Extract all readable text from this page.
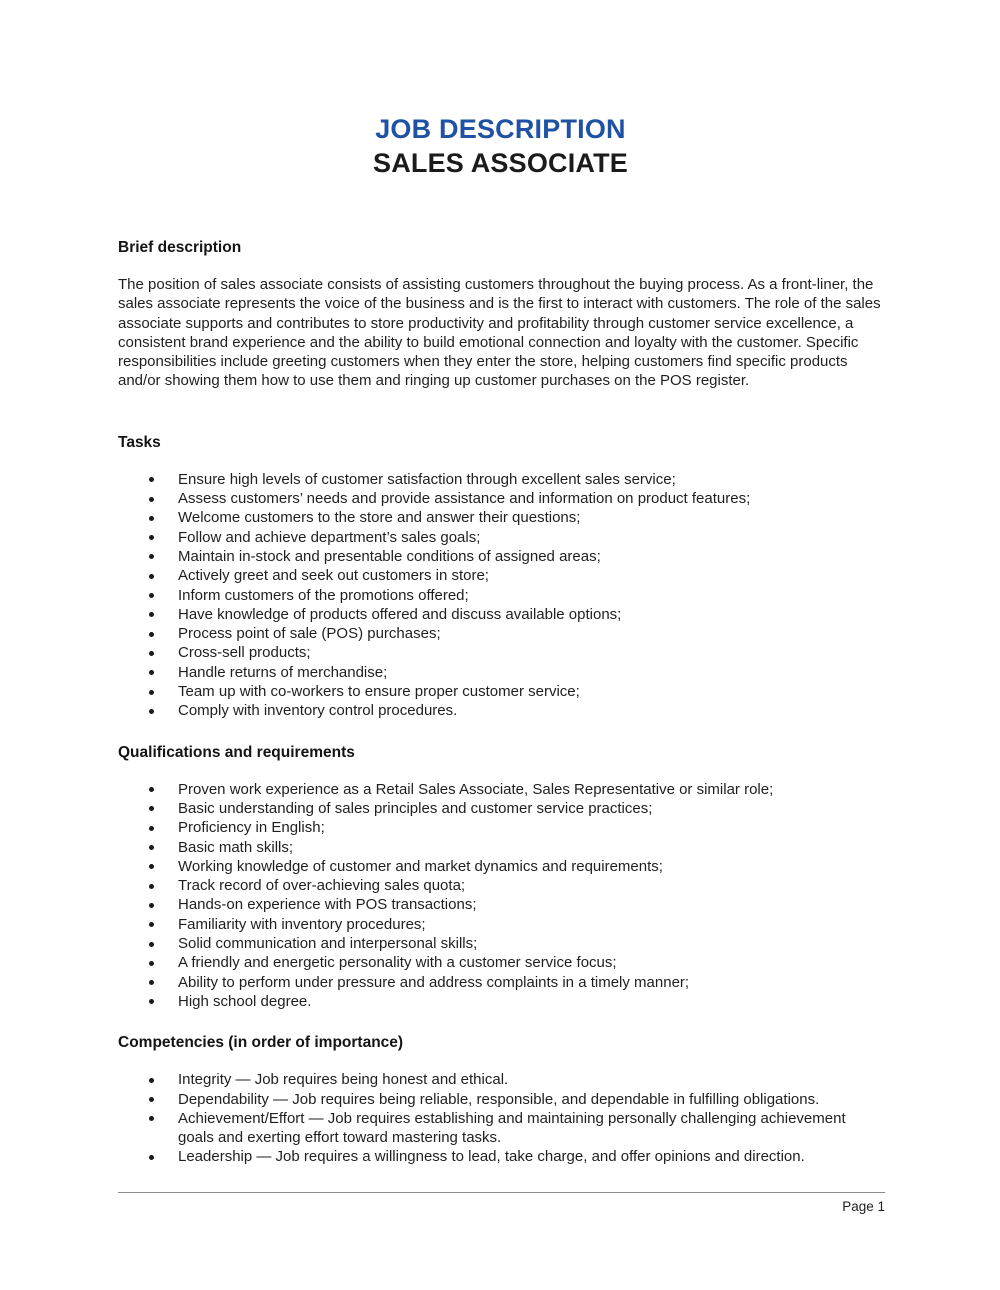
JOB DESCRIPTION
SALES ASSOCIATE
Brief description

The position of sales associate consists of assisting customers throughout the buying process. As a front-liner, the sales associate represents the voice of the business and is the first to interact with customers. The role of the sales associate supports and contributes to store productivity and profitability through customer service excellence, a consistent brand experience and the ability to build emotional connection and loyalty with the customer. Specific responsibilities include greeting customers when they enter the store, helping customers find specific products and/or showing them how to use them and ringing up customer purchases on the POS register.

Tasks
Ensure high levels of customer satisfaction through excellent sales service;
Assess customers’ needs and provide assistance and information on product features;
Welcome customers to the store and answer their questions;
Follow and achieve department’s sales goals;
Maintain in-stock and presentable conditions of assigned areas;
Actively greet and seek out customers in store;
Inform customers of the promotions offered;
Have knowledge of products offered and discuss available options;
Process point of sale (POS) purchases;
Cross-sell products;
Handle returns of merchandise;
Team up with co-workers to ensure proper customer service;
Comply with inventory control procedures.
Qualifications and requirements
Proven work experience as a Retail Sales Associate, Sales Representative or similar role;
Basic understanding of sales principles and customer service practices;
Proficiency in English;
Basic math skills;
Working knowledge of customer and market dynamics and requirements;
Track record of over-achieving sales quota;
Hands-on experience with POS transactions;
Familiarity with inventory procedures;
Solid communication and interpersonal skills;
A friendly and energetic personality with a customer service focus;
Ability to perform under pressure and address complaints in a timely manner;
High school degree.
Competencies (in order of importance)
Integrity — Job requires being honest and ethical.
Dependability — Job requires being reliable, responsible, and dependable in fulfilling obligations.
Achievement/Effort — Job requires establishing and maintaining personally challenging achievement goals and exerting effort toward mastering tasks.
Leadership — Job requires a willingness to lead, take charge, and offer opinions and direction.
Page 1
